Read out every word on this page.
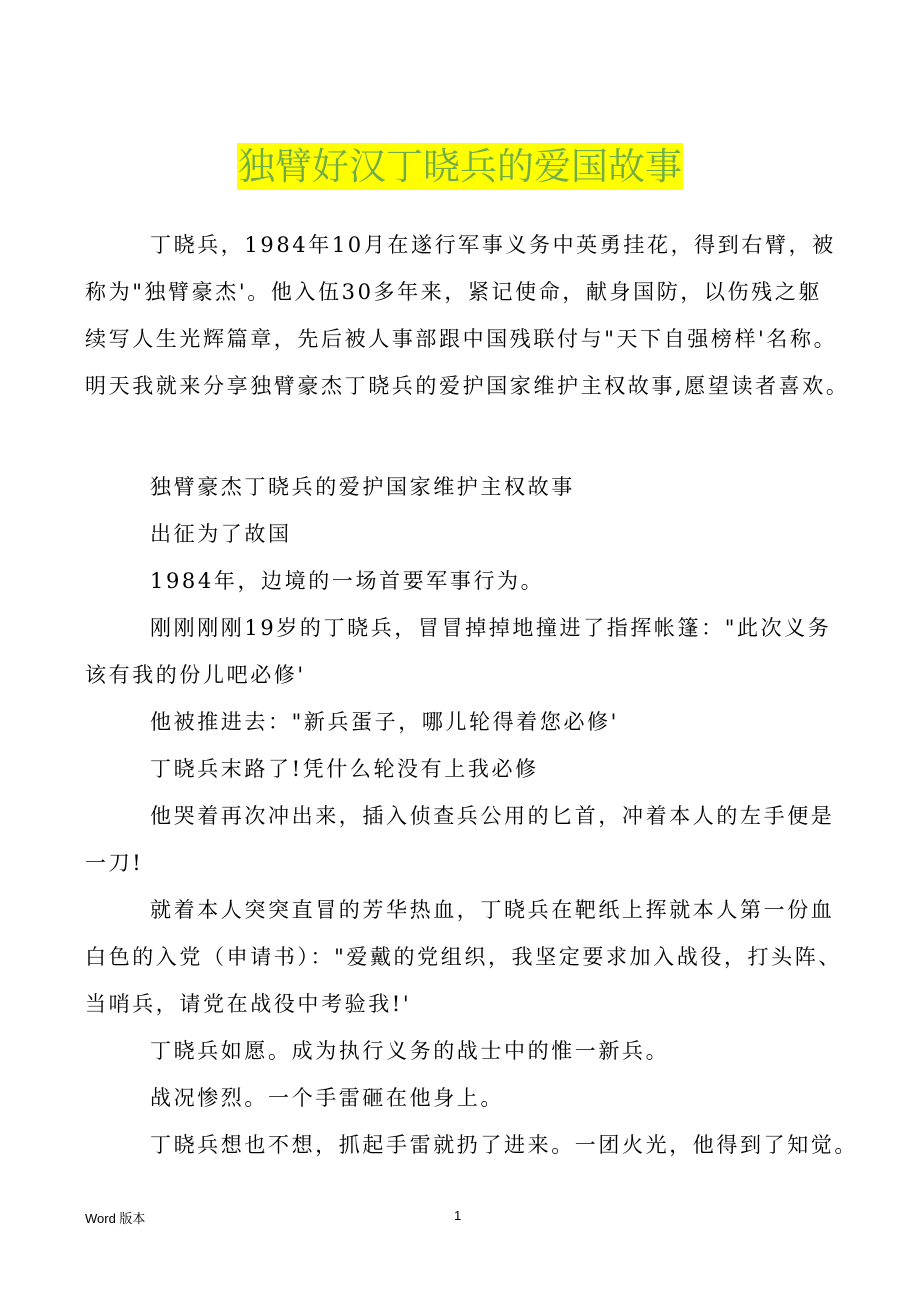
独臂好汉丁晓兵的爱国故事
丁晓兵，1984年10月在遂行军事义务中英勇挂花，得到右臂，被
称为"独臂豪杰'。他入伍30多年来，紧记使命，献身国防，以伤残之躯
续写人生光辉篇章，先后被人事部跟中国残联付与"天下自强榜样'名称。
明天我就来分享独臂豪杰丁晓兵的爱护国家维护主权故事,愿望读者喜欢。
独臂豪杰丁晓兵的爱护国家维护主权故事
出征为了故国
1984年，边境的一场首要军事行为。
刚刚刚刚19岁的丁晓兵，冒冒掉掉地撞进了指挥帐篷："此次义务
该有我的份儿吧必修'
他被推进去："新兵蛋子，哪儿轮得着您必修'
丁晓兵末路了!凭什么轮没有上我必修
他哭着再次冲出来，插入侦查兵公用的匕首，冲着本人的左手便是
一刀!
就着本人突突直冒的芳华热血，丁晓兵在靶纸上挥就本人第一份血
白色的入党（申请书）："爱戴的党组织，我坚定要求加入战役，打头阵、
当哨兵，请党在战役中考验我!'
丁晓兵如愿。成为执行义务的战士中的惟一新兵。
战况惨烈。一个手雷砸在他身上。
丁晓兵想也不想，抓起手雷就扔了进来。一团火光，他得到了知觉。
Word 版本	1
